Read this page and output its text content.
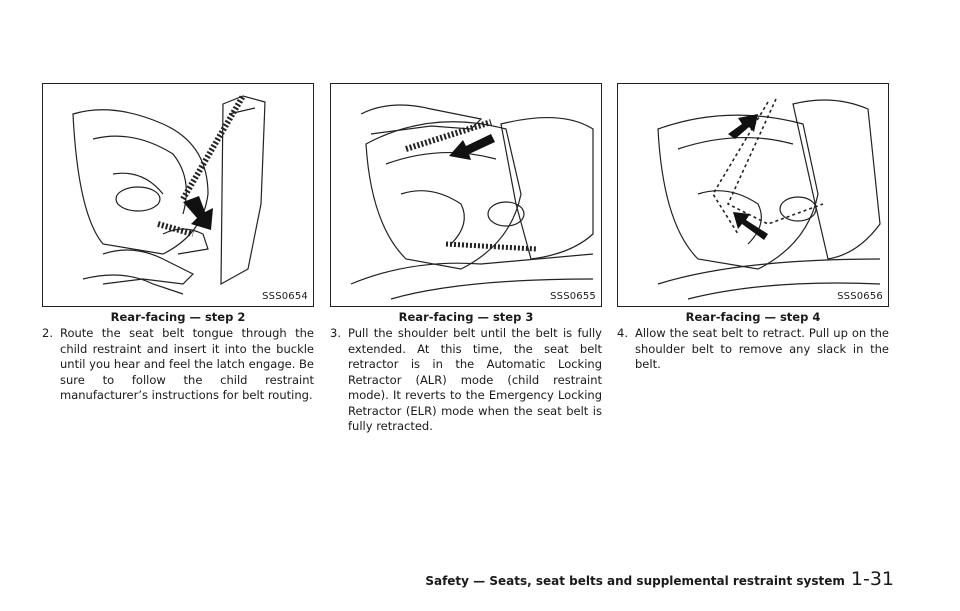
SSS0654
Rear-facing — step 2
2. Route the seat belt tongue through the child restraint and insert it into the buckle until you hear and feel the latch engage. Be sure to follow the child restraint manufacturer’s instructions for belt routing.
SSS0655
Rear-facing — step 3
3. Pull the shoulder belt until the belt is fully extended. At this time, the seat belt retractor is in the Automatic Locking Retractor (ALR) mode (child restraint mode). It reverts to the Emergency Locking Retractor (ELR) mode when the seat belt is fully retracted.
SSS0656
Rear-facing — step 4
4. Allow the seat belt to retract. Pull up on the shoulder belt to remove any slack in the belt.
Safety — Seats, seat belts and supplemental restraint system 1-31
